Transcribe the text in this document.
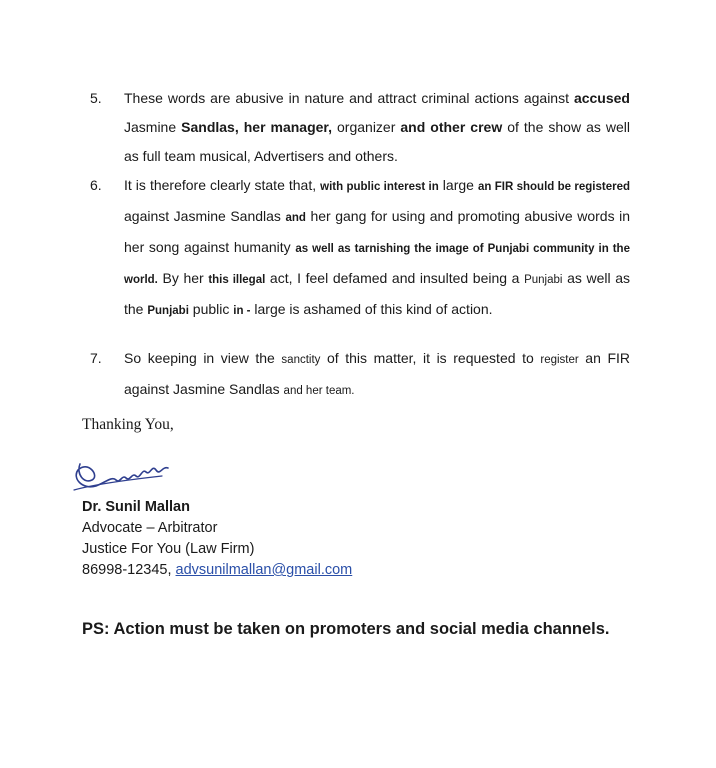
5. These words are abusive in nature and attract criminal actions against accused Jasmine Sandlas, her manager, organizer and other crew of the show as well as full team musical, Advertisers and others.
6. It is therefore clearly state that, with public interest in large an FIR should be registered against Jasmine Sandlas and her gang for using and promoting abusive words in her song against humanity as well as tarnishing the image of Punjabi community in the world. By her this illegal act, I feel defamed and insulted being a Punjabi as well as the Punjabi public in - large is ashamed of this kind of action.
7. So keeping in view the sanctity of this matter, it is requested to register an FIR against Jasmine Sandlas and her team.
Thanking You,
Dr. Sunil Mallan
Advocate – Arbitrator
Justice For You (Law Firm)
86998-12345, advsunilmallan@gmail.com
PS: Action must be taken on promoters and social media channels.
